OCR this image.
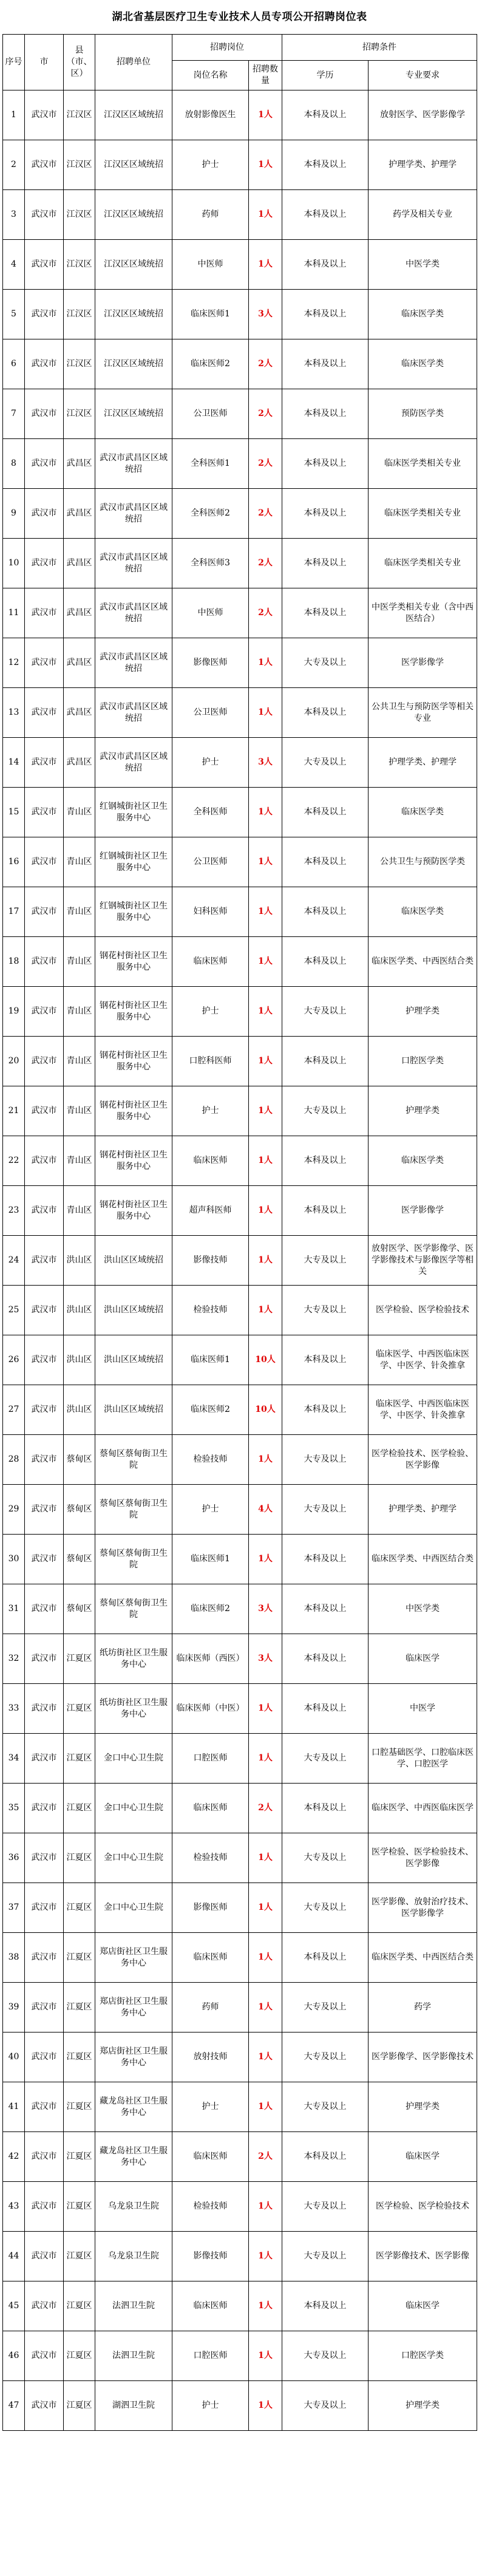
湖北省基层医疗卫生专业技术人员专项公开招聘岗位表
序号	市	县（市、区）	招聘单位	招聘岗位		招聘条件	
				岗位名称	招聘数量	学历	专业要求
1	武汉市	江汉区	江汉区区域统招	放射影像医生	1人	本科及以上	放射医学、医学影像学
2	武汉市	江汉区	江汉区区域统招	护士	1人	本科及以上	护理学类、护理学
3	武汉市	江汉区	江汉区区域统招	药师	1人	本科及以上	药学及相关专业
4	武汉市	江汉区	江汉区区域统招	中医师	1人	本科及以上	中医学类
5	武汉市	江汉区	江汉区区域统招	临床医师1	3人	本科及以上	临床医学类
6	武汉市	江汉区	江汉区区域统招	临床医师2	2人	本科及以上	临床医学类
7	武汉市	江汉区	江汉区区域统招	公卫医师	2人	本科及以上	预防医学类
8	武汉市	武昌区	武汉市武昌区区域统招	全科医师1	2人	本科及以上	临床医学类相关专业
9	武汉市	武昌区	武汉市武昌区区域统招	全科医师2	2人	本科及以上	临床医学类相关专业
10	武汉市	武昌区	武汉市武昌区区域统招	全科医师3	2人	本科及以上	临床医学类相关专业
11	武汉市	武昌区	武汉市武昌区区域统招	中医师	2人	本科及以上	中医学类相关专业（含中西医结合）
12	武汉市	武昌区	武汉市武昌区区域统招	影像医师	1人	大专及以上	医学影像学
13	武汉市	武昌区	武汉市武昌区区域统招	公卫医师	1人	本科及以上	公共卫生与预防医学等相关专业
14	武汉市	武昌区	武汉市武昌区区域统招	护士	3人	大专及以上	护理学类、护理学
15	武汉市	青山区	红钢城街社区卫生服务中心	全科医师	1人	本科及以上	临床医学类
16	武汉市	青山区	红钢城街社区卫生服务中心	公卫医师	1人	本科及以上	公共卫生与预防医学类
17	武汉市	青山区	红钢城街社区卫生服务中心	妇科医师	1人	本科及以上	临床医学类
18	武汉市	青山区	钢花村街社区卫生服务中心	临床医师	1人	本科及以上	临床医学类、中西医结合类
19	武汉市	青山区	钢花村街社区卫生服务中心	护士	1人	大专及以上	护理学类
20	武汉市	青山区	钢花村街社区卫生服务中心	口腔科医师	1人	本科及以上	口腔医学类
21	武汉市	青山区	钢花村街社区卫生服务中心	护士	1人	大专及以上	护理学类
22	武汉市	青山区	钢花村街社区卫生服务中心	临床医师	1人	本科及以上	临床医学类
23	武汉市	青山区	钢花村街社区卫生服务中心	超声科医师	1人	本科及以上	医学影像学
24	武汉市	洪山区	洪山区区域统招	影像技师	1人	大专及以上	放射医学、医学影像学、医学影像技术与影像医学等相关
25	武汉市	洪山区	洪山区区域统招	检验技师	1人	大专及以上	医学检验、医学检验技术
26	武汉市	洪山区	洪山区区域统招	临床医师1	10人	本科及以上	临床医学、中西医临床医学、中医学、针灸推拿
27	武汉市	洪山区	洪山区区域统招	临床医师2	10人	本科及以上	临床医学、中西医临床医学、中医学、针灸推拿
28	武汉市	蔡甸区	蔡甸区蔡甸街卫生院	检验技师	1人	大专及以上	医学检验技术、医学检验、医学影像
29	武汉市	蔡甸区	蔡甸区蔡甸街卫生院	护士	4人	大专及以上	护理学类、护理学
30	武汉市	蔡甸区	蔡甸区蔡甸街卫生院	临床医师1	1人	本科及以上	临床医学类、中西医结合类
31	武汉市	蔡甸区	蔡甸区蔡甸街卫生院	临床医师2	3人	本科及以上	中医学类
32	武汉市	江夏区	纸坊街社区卫生服务中心	临床医师（西医）	3人	本科及以上	临床医学
33	武汉市	江夏区	纸坊街社区卫生服务中心	临床医师（中医）	1人	本科及以上	中医学
34	武汉市	江夏区	金口中心卫生院	口腔医师	1人	大专及以上	口腔基础医学、口腔临床医学、口腔医学
35	武汉市	江夏区	金口中心卫生院	临床医师	2人	本科及以上	临床医学、中西医临床医学
36	武汉市	江夏区	金口中心卫生院	检验技师	1人	大专及以上	医学检验、医学检验技术、医学影像
37	武汉市	江夏区	金口中心卫生院	影像医师	1人	大专及以上	医学影像、放射治疗技术、医学影像学
38	武汉市	江夏区	郑店街社区卫生服务中心	临床医师	1人	本科及以上	临床医学类、中西医结合类
39	武汉市	江夏区	郑店街社区卫生服务中心	药师	1人	大专及以上	药学
40	武汉市	江夏区	郑店街社区卫生服务中心	放射技师	1人	大专及以上	医学影像学、医学影像技术
41	武汉市	江夏区	藏龙岛社区卫生服务中心	护士	1人	大专及以上	护理学类
42	武汉市	江夏区	藏龙岛社区卫生服务中心	临床医师	2人	本科及以上	临床医学
43	武汉市	江夏区	乌龙泉卫生院	检验技师	1人	大专及以上	医学检验、医学检验技术
44	武汉市	江夏区	乌龙泉卫生院	影像技师	1人	大专及以上	医学影像技术、医学影像
45	武汉市	江夏区	法泗卫生院	临床医师	1人	本科及以上	临床医学
46	武汉市	江夏区	法泗卫生院	口腔医师	1人	大专及以上	口腔医学类
47	武汉市	江夏区	湖泗卫生院	护士	1人	大专及以上	护理学类
